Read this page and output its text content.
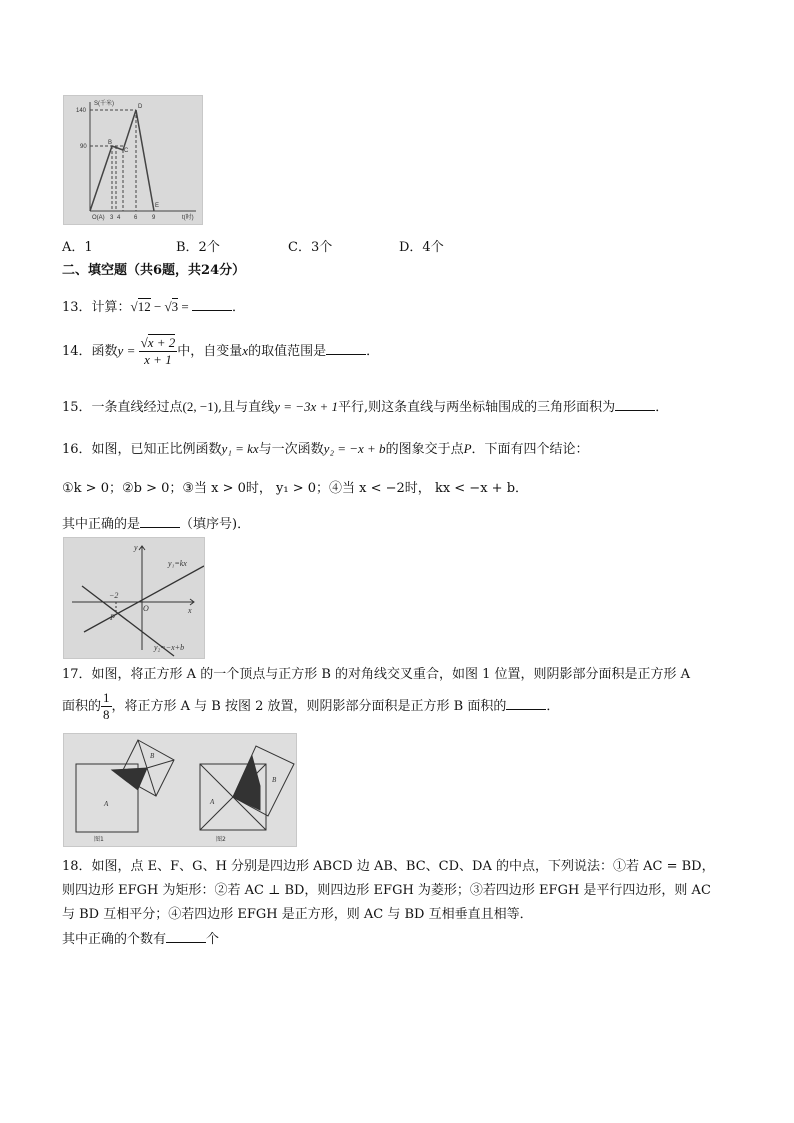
S(千米)
140
90
O(A) 3 4 6 9	t(时)
B
C
D
E
A．1	B．2个	C．3个	D．4个
二、填空题（共6题，共24分）
13．计算：√12 − √3 =	．
14．函数$y = \frac{√x + 2}{x + 1}$ 中，自变量x的取值范围是	．
15．一条直线经过点(2, −1),且与直线y = −3x + 1平行,则这条直线与两坐标轴围成的三角形面积为	．
16．如图，已知正比例函数y₁ = kx与一次函数y₂ = −x + b的图象交于点P．下面有四个结论：
①k > 0；②b > 0；③当 x > 0时， y₁ > 0；④当 x < −2时， kx < −x + b．
其中正确的是	（填序号)．
y
x
O
−2
P
y₁=kx
y₂=−x+b
17．如图，将正方形 A 的一个顶点与正方形 B 的对角线交叉重合，如图 1 位置，则阴影部分面积是正方形 A
面积的 $\frac{1}{8}$ ，将正方形 A 与 B 按图 2 放置，则阴影部分面积是正方形 B 面积的	．
A
B
A
B
图1	图2
18．如图，点 E、F、G、H 分别是四边形 ABCD 边 AB、BC、CD、DA 的中点，下列说法：①若 AC = BD，
则四边形 EFGH 为矩形：②若 AC ⊥ BD，则四边形 EFGH 为菱形；③若四边形 EFGH 是平行四边形，则 AC
与 BD 互相平分；④若四边形 EFGH 是正方形，则 AC 与 BD 互相垂直且相等．
其中正确的个数有	个
